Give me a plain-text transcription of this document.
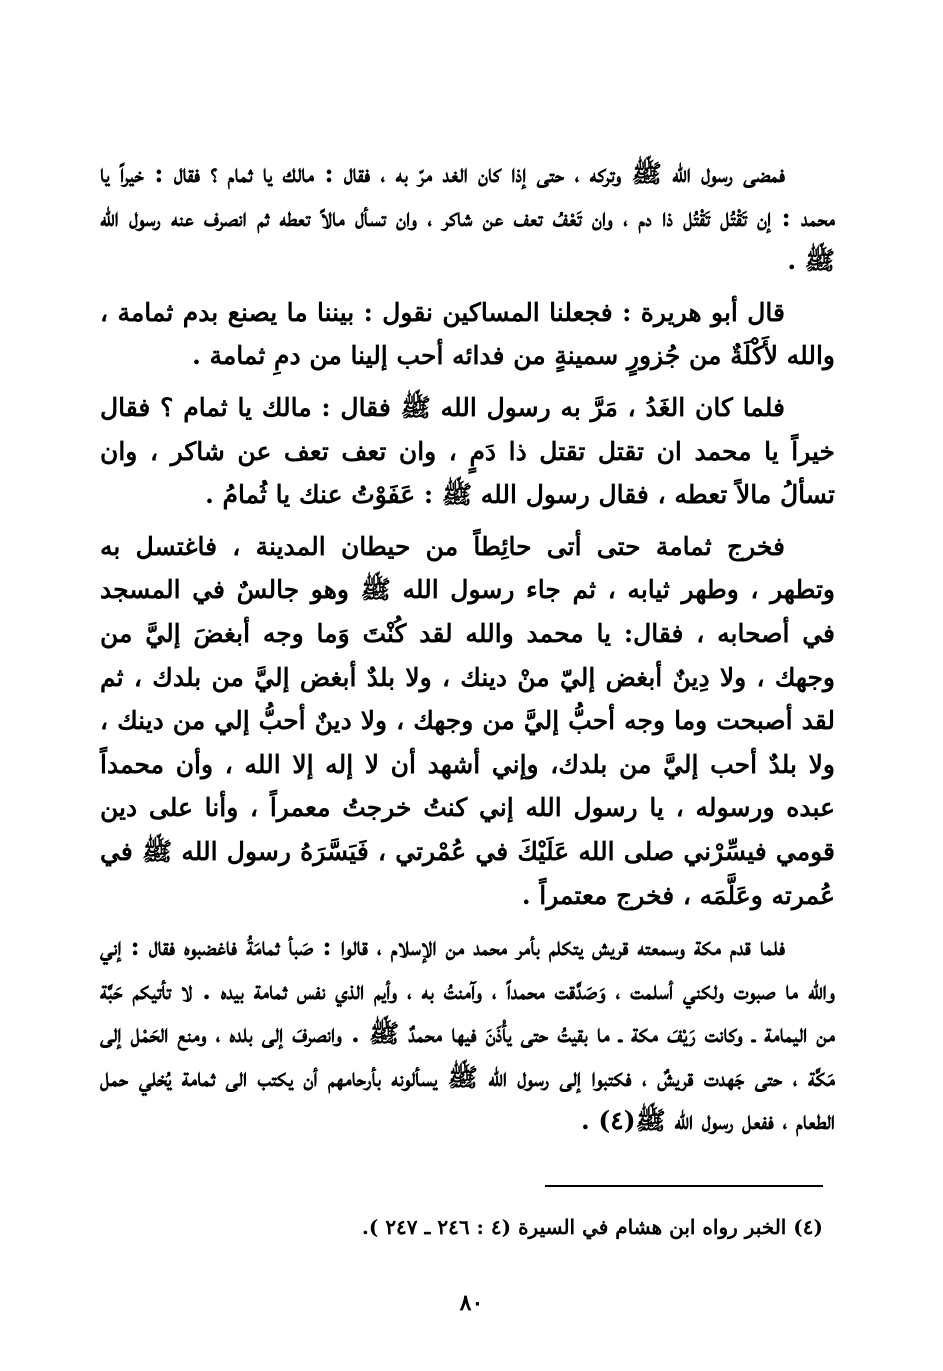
فمضى رسول الله ﷺ وتركه ، حتى إذا كان الغد مرّ به ، فقال : مالك يا ثمام ؟ فقال : خيراً يا محمد : إن تَقْتُل تَقْتُل ذا دم ، وان تَعْفُ تعف عن شاكر ، وان تسأل مالاً تعطه ثم انصرف عنه رسول الله ﷺ .

قال أبو هريرة : فجعلنا المساكين نقول : بيننا ما يصنع بدم ثمامة ، والله لأَكْلَةٌ من جُزورٍ سمينةٍ من فدائه أحب إلينا من دمِ ثمامة .

فلما كان الغَدُ ، مَرَّ به رسول الله ﷺ فقال : مالك يا ثمام ؟ فقال خيراً يا محمد ان تقتل تقتل ذا دَمٍ ، وان تعف تعف عن شاكر ، وان تسألُ مالاً تعطه ، فقال رسول الله ﷺ : عَفَوْتُ عنك يا ثُمامُ .

فخرج ثمامة حتى أتى حائِطاً من حيطان المدينة ، فاغتسل به وتطهر ، وطهر ثيابه ، ثم جاء رسول الله ﷺ وهو جالسٌ في المسجد في أصحابه ، فقال: يا محمد والله لقد كُنْتَ وَما وجه أبغضَ إليَّ من وجهك ، ولا دِينٌ أبغض إليّ منْ دينك ، ولا بلدٌ أبغض إليَّ من بلدك ، ثم لقد أصبحت وما وجه أحبُّ إليَّ من وجهك ، ولا دينٌ أحبُّ إلي من دينك ، ولا بلدٌ أحب إليَّ من بلدك، وإني أشهد أن لا إله إلا الله ، وأن محمداً عبده ورسوله ، يا رسول الله إني كنتُ خرجتُ معمراً ، وأنا على دين قومي فيسِّرْني صلى الله عَلَيْكَ في عُمْرتي ، فَيَسَّرَهُ رسول الله ﷺ في عُمرته وعَلَّمَه ، فخرج معتمراً .

فلما قدم مكة وسمعته قريش يتكلم بأمر محمد من الإسلام ، قالوا : صَبأ ثمامَةُ فاغضبوه فقال : إني والله ما صبوت ولكني أسلمت ، وَصَدَّقت محمداً ، وآمنتُ به ، وأيم الذي نفس ثمامة بيده . لا تأتيكم حَبَّة من اليمامة ـ وكانت رَيْفَ مكة ـ ما بقيتُ حتى يأْذَنَ فيها محمدٌ ﷺ . وانصرفَ إلى بلده ، ومنع الحَمْل إلى مَكَّة ، حتى جَهدت قريشٌ ، فكتبوا إلى رسول الله ﷺ يسألونه بأرحامهم أن يكتب الى ثمامة يُخلي حمل الطعام ، ففعل رسول الله ﷺ(٤) .

(٤) الخبر رواه ابن هشام في السيرة (٤ : ٢٤٦ ـ ٢٤٧ ).
٨٠
